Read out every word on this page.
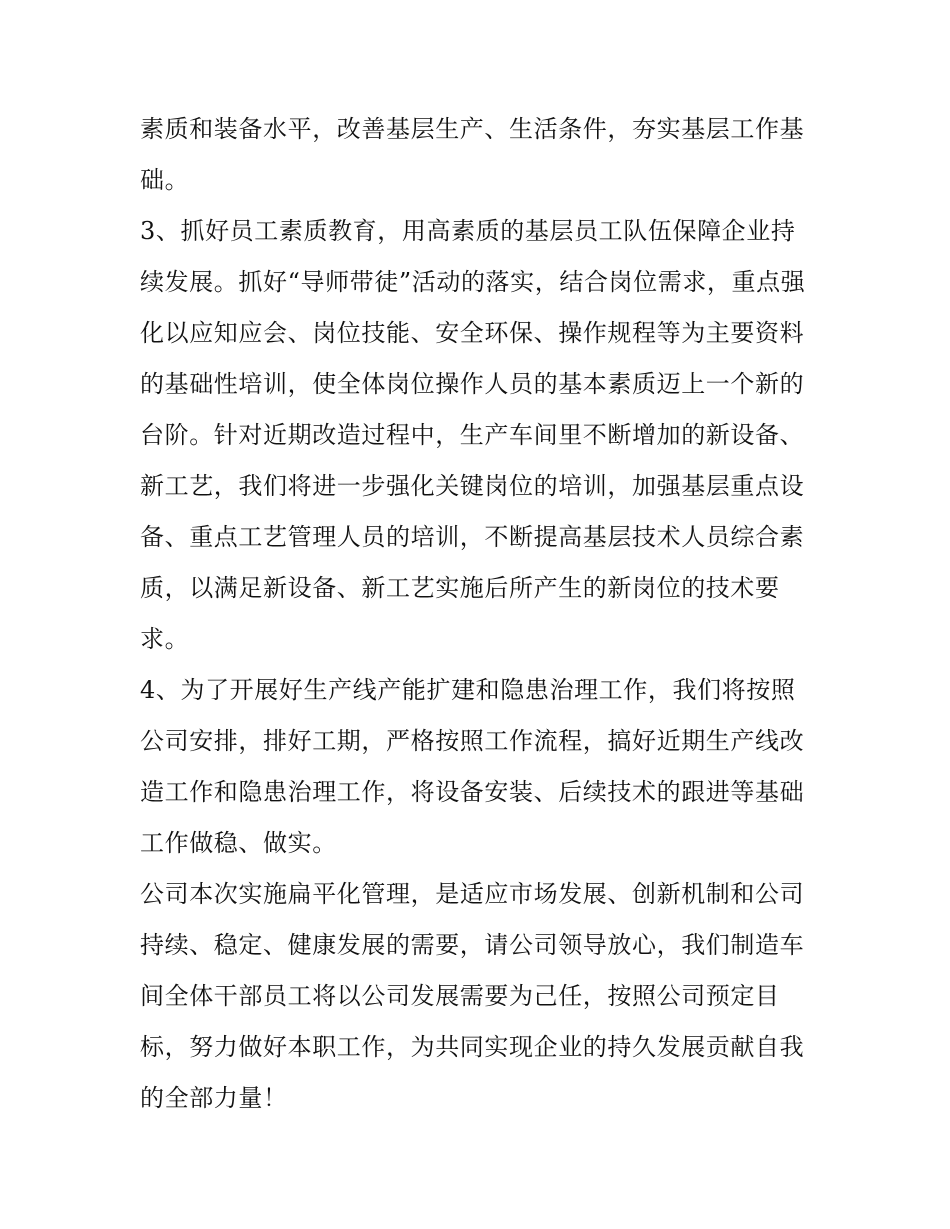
素质和装备水平，改善基层生产、生活条件，夯实基层工作基
础。
3、抓好员工素质教育，用高素质的基层员工队伍保障企业持
续发展。抓好“导师带徒”活动的落实，结合岗位需求，重点强
化以应知应会、岗位技能、安全环保、操作规程等为主要资料
的基础性培训，使全体岗位操作人员的基本素质迈上一个新的
台阶。针对近期改造过程中，生产车间里不断增加的新设备、
新工艺，我们将进一步强化关键岗位的培训，加强基层重点设
备、重点工艺管理人员的培训，不断提高基层技术人员综合素
质，以满足新设备、新工艺实施后所产生的新岗位的技术要
求。
4、为了开展好生产线产能扩建和隐患治理工作，我们将按照
公司安排，排好工期，严格按照工作流程，搞好近期生产线改
造工作和隐患治理工作，将设备安装、后续技术的跟进等基础
工作做稳、做实。
公司本次实施扁平化管理，是适应市场发展、创新机制和公司
持续、稳定、健康发展的需要，请公司领导放心，我们制造车
间全体干部员工将以公司发展需要为己任，按照公司预定目
标，努力做好本职工作，为共同实现企业的持久发展贡献自我
的全部力量！
